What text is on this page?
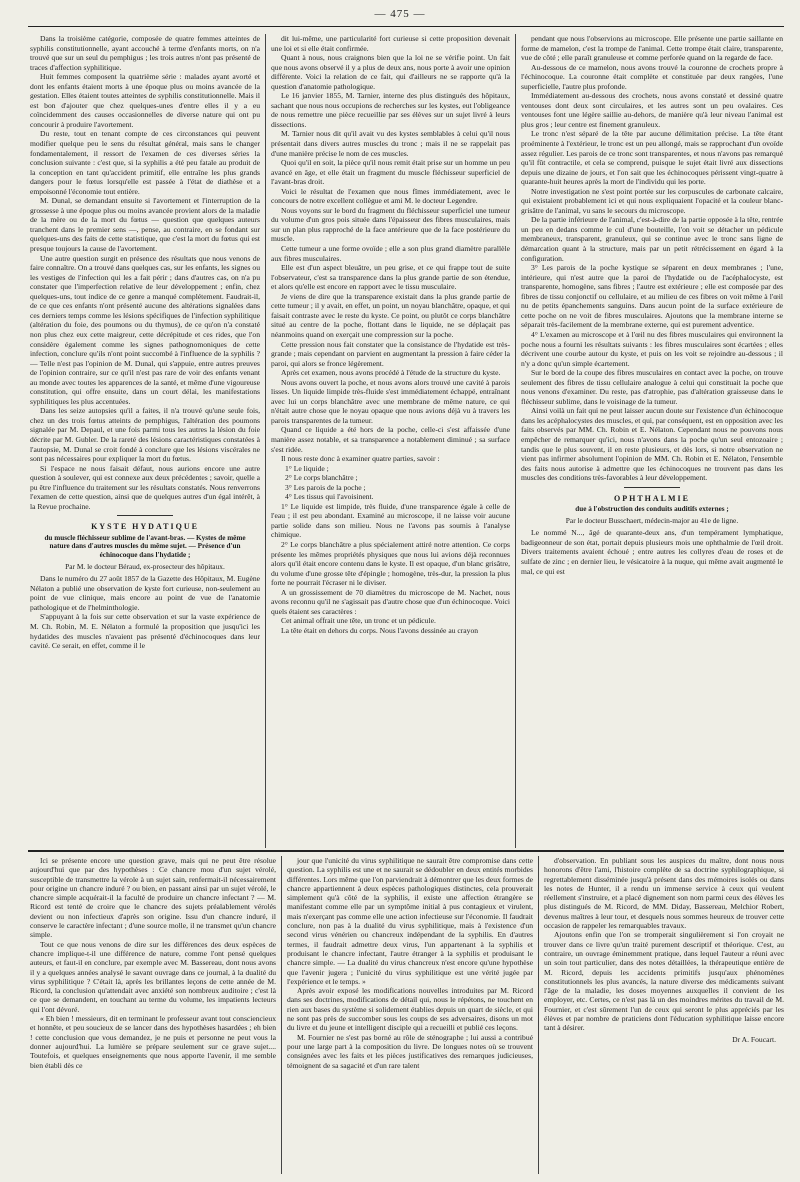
— 475 —

Dans la troisième catégorie, composée de quatre femmes atteintes de syphilis constitutionnelle, ayant accouché à terme d'enfants morts, on n'a trouvé que sur un seul du pemphigus ; les trois autres n'ont pas présenté de traces d'affection syphilitique.

Huit femmes composent la quatrième série : malades ayant avorté et dont les enfants étaient morts à une époque plus ou moins avancée de la gestation. Elles étaient toutes atteintes de syphilis constitutionnelle. Mais il est bon d'ajouter que chez quelques-unes d'entre elles il y a eu coïncidemment des causes occasionnelles de diverse nature qui ont pu concourir à produire l'avortement.

Du reste, tout en tenant compte de ces circonstances qui peuvent modifier quelque peu le sens du résultat général, mais sans le changer fondamentalement, il ressort de l'examen de ces diverses séries la conclusion suivante : c'est que, si la syphilis a été peu fatale au produit de la conception en tant qu'accident primitif, elle entraîne les plus grands dangers pour le fœtus lorsqu'elle est passée à l'état de diathèse et a empoisonné l'économie tout entière.

M. Dunal, se demandant ensuite si l'avortement et l'interruption de la grossesse à une époque plus ou moins avancée provient alors de la maladie de la mère ou de la mort du fœtus — question que quelques auteurs tranchent dans le premier sens —, pense, au contraire, en se fondant sur quelques-uns des faits de cette statistique, que c'est la mort du fœtus qui est presque toujours la cause de l'avortement.

Une autre question surgit en présence des résultats que nous venons de faire connaître. On a trouvé dans quelques cas, sur les enfants, les signes ou les vestiges de l'infection qui les a fait périr ; dans d'autres cas, on n'a pu constater que l'imperfection relative de leur développement ; enfin, chez quelques-uns, tout indice de ce genre a manqué complétement. Faudrait-il, de ce que ces enfants n'ont présenté aucune des altérations signalées dans ces derniers temps comme les lésions spécifiques de l'infection syphilitique (altération du foie, des poumons ou du thymus), de ce qu'on n'a constaté non plus chez eux cette maigreur, cette décrépitude et ces rides, que l'on considère également comme les signes pathognomoniques de cette infection, conclure qu'ils n'ont point succombé à l'influence de la syphilis ? — Telle n'est pas l'opinion de M. Dunal, qui s'appuie, entre autres preuves de l'opinion contraire, sur ce qu'il n'est pas rare de voir des enfants venant au monde avec toutes les apparences de la santé, et même d'une vigoureuse constitution, qui offre ensuite, dans un court délai, les manifestations syphilitiques les plus accentuées.

Dans les seize autopsies qu'il a faites, il n'a trouvé qu'une seule fois, chez un des trois fœtus atteints de pemphigus, l'altération des poumons signalée par M. Depaul, et une fois parmi tous les autres la lésion du foie décrite par M. Gubler. De la rareté des lésions caractéristiques constatées à l'autopsie, M. Dunal se croit fondé à conclure que les lésions viscérales ne sont pas nécessaires pour expliquer la mort du fœtus.

Si l'espace ne nous faisait défaut, nous aurions encore une autre question à soulever, qui est connexe aux deux précédentes ; savoir, quelle a pu être l'influence du traitement sur les résultats constatés. Nous renverrons l'examen de cette question, ainsi que de quelques autres d'un égal intérêt, à la Revue prochaine.

KYSTE HYDATIQUE
du muscle fléchisseur sublime de l'avant-bras. — Kystes de même nature dans d'autres muscles du même sujet. — Présence d'un échinocoque dans l'hydatide ;
Par M. le docteur Béraud, ex-prosecteur des hôpitaux.

Dans le numéro du 27 août 1857 de la Gazette des Hôpitaux, M. Eugène Nélaton a publié une observation de kyste fort curieuse, non-seulement au point de vue clinique, mais encore au point de vue de l'anatomie pathologique et de l'helminthologie.

S'appuyant à la fois sur cette observation et sur la vaste expérience de M. Ch. Robin, M. E. Nélaton a formulé la proposition que jusqu'ici les hydatides des muscles n'avaient pas présenté d'échinocoques dans leur cavité. Ce serait, en effet, comme il le

dit lui-même, une particularité fort curieuse si cette proposition devenait une loi et si elle était confirmée.

Quant à nous, nous craignons bien que la loi ne se vérifie point. Un fait que nous avons observé il y a plus de deux ans, nous porte à avoir une opinion différente. Voici la relation de ce fait, qui d'ailleurs ne se rapporte qu'à la question d'anatomie pathologique.

Le 16 janvier 1855, M. Tarnier, interne des plus distingués des hôpitaux, sachant que nous nous occupions de recherches sur les kystes, eut l'obligeance de nous remettre une pièce recueillie par ses élèves sur un sujet livré à leurs dissections.

M. Tarnier nous dit qu'il avait vu des kystes semblables à celui qu'il nous présentait dans divers autres muscles du tronc ; mais il ne se rappelait pas d'une manière précise le nom de ces muscles.

Quoi qu'il en soit, la pièce qu'il nous remit était prise sur un homme un peu avancé en âge, et elle était un fragment du muscle fléchisseur superficiel de l'avant-bras droit.

Voici le résultat de l'examen que nous fîmes immédiatement, avec le concours de notre excellent collègue et ami M. le docteur Legendre.

Nous voyons sur le bord du fragment du fléchisseur superficiel une tumeur du volume d'un gros pois située dans l'épaisseur des fibres musculaires, mais sur un plan plus rapproché de la face antérieure que de la face postérieure du muscle.

Cette tumeur a une forme ovoïde ; elle a son plus grand diamètre parallèle aux fibres musculaires.

Elle est d'un aspect bleuâtre, un peu grise, et ce qui frappe tout de suite l'observateur, c'est sa transparence dans la plus grande partie de son étendue, et alors qu'elle est encore en rapport avec le tissu musculaire.

Je viens de dire que la transparence existait dans la plus grande partie de cette tumeur ; il y avait, en effet, un point, un noyau blanchâtre, opaque, et qui faisait contraste avec le reste du kyste. Ce point, ou plutôt ce corps blanchâtre situé au centre de la poche, flottant dans le liquide, ne se déplaçait pas néanmoins quand on exerçait une compression sur la poche.

Cette pression nous fait constater que la consistance de l'hydatide est très-grande ; mais cependant on parvient en augmentant la pression à faire céder la paroi, qui alors se fronce légèrement.

Après cet examen, nous avons procédé à l'étude de la structure du kyste.

Nous avons ouvert la poche, et nous avons alors trouvé une cavité à parois lisses. Un liquide limpide très-fluide s'est immédiatement échappé, entraînant avec lui un corps blanchâtre avec une membrane de même nature, ce qui n'était autre chose que le noyau opaque que nous avions déjà vu à travers les parois transparentes de la tumeur.

Quand ce liquide a été hors de la poche, celle-ci s'est affaissée d'une manière assez notable, et sa transparence a notablement diminué ; sa surface s'est ridée.

Il nous reste donc à examiner quatre parties, savoir :

1° Le liquide ;

2° Le corps blanchâtre ;

3° Les parois de la poche ;

4° Les tissus qui l'avoisinent.

1° Le liquide est limpide, très fluide, d'une transparence égale à celle de l'eau ; il est peu abondant. Examiné au microscope, il ne laisse voir aucune partie solide dans son milieu. Nous ne l'avons pas soumis à l'analyse chimique.

2° Le corps blanchâtre a plus spécialement attiré notre attention. Ce corps présente les mêmes propriétés physiques que nous lui avions déjà reconnues alors qu'il était encore contenu dans le kyste. Il est opaque, d'un blanc grisâtre, du volume d'une grosse tête d'épingle ; homogène, très-dur, la pression la plus forte ne pourrait l'écraser ni le diviser.

A un grossissement de 70 diamètres du microscope de M. Nachet, nous avons reconnu qu'il ne s'agissait pas d'autre chose que d'un échinocoque. Voici quels étaient ses caractères :

Cet animal offrait une tête, un tronc et un pédicule.

La tête était en dehors du corps. Nous l'avons dessinée au crayon

pendant que nous l'observions au microscope. Elle présente une partie saillante en forme de mamelon, c'est la trompe de l'animal. Cette trompe était claire, transparente, vue de côté ; elle paraît granuleuse et comme perforée quand on la regarde de face.

Au-dessous de ce mamelon, nous avons trouvé la couronne de crochets propre à l'échinocoque. La couronne était complète et constituée par deux rangées, l'une superficielle, l'autre plus profonde.

Immédiatement au-dessous des crochets, nous avons constaté et dessiné quatre ventouses dont deux sont circulaires, et les autres sont un peu ovalaires. Ces ventouses font une légère saillie au-dehors, de manière qu'à leur niveau l'animal est plus gros ; leur centre est finement granuleux.

Le tronc n'est séparé de la tête par aucune délimitation précise. La tête étant proéminente à l'extérieur, le tronc est un peu allongé, mais se rapprochant d'un ovoïde assez régulier. Les parois de ce tronc sont transparentes, et nous n'avons pas remarqué qu'il fût contractile, et cela se comprend, puisque le sujet était livré aux dissections depuis une dizaine de jours, et l'on sait que les échinocoques périssent vingt-quatre à quarante-huit heures après la mort de l'individu qui les porte.

Notre investigation ne s'est point portée sur les corpuscules de carbonate calcaire, qui existaient probablement ici et qui nous expliquaient l'opacité et la couleur blanc-grisâtre de l'animal, vu sans le secours du microscope.

De la partie inférieure de l'animal, c'est-à-dire de la partie opposée à la tête, rentrée un peu en dedans comme le cul d'une bouteille, l'on voit se détacher un pédicule membraneux, transparent, granuleux, qui se continue avec le tronc sans ligne de démarcation quant à la structure, mais par un petit rétrécissement en égard à la configuration.

3° Les parois de la poche kystique se séparent en deux membranes ; l'une, intérieure, qui n'est autre que la paroi de l'hydatide ou de l'acéphalocyste, est transparente, homogène, sans fibres ; l'autre est extérieure ; elle est composée par des fibres de tissu conjonctif ou cellulaire, et au milieu de ces fibres on voit même à l'œil nu de petits épanchements sanguins. Dans aucun point de la surface extérieure de cette poche on ne voit de fibres musculaires. Ajoutons que la membrane interne se séparait très-facilement de la membrane externe, qui est purement adventice.

4° L'examen au microscope et à l'œil nu des fibres musculaires qui environnent la poche nous a fourni les résultats suivants : les fibres musculaires sont écartées ; elles décrivent une courbe autour du kyste, et puis on les voit se rejoindre au-dessous ; il n'y a donc qu'un simple écartement.

Sur le bord de la coupe des fibres musculaires en contact avec la poche, on trouve seulement des fibres de tissu cellulaire analogue à celui qui constituait la poche que nous venons d'examiner. Du reste, pas d'atrophie, pas d'altération graisseuse dans le fléchisseur sublime, dans le voisinage de la tumeur.

Ainsi voilà un fait qui ne peut laisser aucun doute sur l'existence d'un échinocoque dans les acéphalocystes des muscles, et qui, par conséquent, est en opposition avec les faits observés par MM. Ch. Robin et E. Nélaton. Cependant nous ne pouvons nous empêcher de remarquer qu'ici, nous n'avons dans la poche qu'un seul entozoaire ; tandis que le plus souvent, il en reste plusieurs, et dès lors, si notre observation ne vient pas infirmer absolument l'opinion de MM. Ch. Robin et E. Nélaton, l'ensemble des faits nous autorise à admettre que les échinocoques ne trouvent pas dans les muscles des conditions très-favorables à leur développement.

OPHTHALMIE
due à l'obstruction des conduits auditifs externes ;
Par le docteur Busschaert, médecin-major au 41e de ligne.

Le nommé N..., âgé de quarante-deux ans, d'un tempérament lymphatique, badigeonneur de son état, portait depuis plusieurs mois une ophthalmie de l'œil droit. Divers traitements avaient échoué ; entre autres les collyres d'eau de roses et de sulfate de zinc ; en dernier lieu, le vésicatoire à la nuque, qui même avait augmenté le mal, ce qui est

Ici se présente encore une question grave, mais qui ne peut être résolue aujourd'hui que par des hypothèses : Ce chancre mou d'un sujet vérolé, susceptible de transmettre la vérole à un sujet sain, renfermait-il nécessairement pour origine un chancre induré ? ou bien, en passant ainsi par un sujet vérolé, le chancre simple acquérait-il la faculté de produire un chancre infectant ? — M. Ricord est tenté de croire que le chancre des sujets préalablement vérolés devient ou non infectieux d'après son origine. Issu d'un chancre induré, il conserve le caractère infectant ; d'une source molle, il ne transmet qu'un chancre simple.

Tout ce que nous venons de dire sur les différences des deux espèces de chancre implique-t-il une différence de nature, comme l'ont pensé quelques auteurs, et faut-il en conclure, par exemple avec M. Bassereau, dont nous avons il y a quelques années analysé le savant ouvrage dans ce journal, à la dualité du virus syphilitique ? C'était là, après les brillantes leçons de cette année de M. Ricord, la conclusion qu'attendait avec anxiété son nombreux auditoire ; c'est là ce que se demandent, en touchant au terme du volume, les impatients lecteurs qui l'ont dévoré.

« Eh bien ! messieurs, dit en terminant le professeur avant tout consciencieux et honnête, et peu soucieux de se lancer dans des hypothèses hasardées ; eh bien ! cette conclusion que vous demandez, je ne puis et personne ne peut vous la donner aujourd'hui. La lumière se prépare seulement sur ce grave sujet.... Toutefois, et quelques enseignements que nous apporte l'avenir, il me semble bien établi dès ce

jour que l'unicité du virus syphilitique ne saurait être compromise dans cette question. La syphilis est une et ne saurait se dédoubler en deux entités morbides différentes. Lors même que l'on parviendrait à démontrer que les deux formes de chancre appartiennent à deux espèces pathologiques distinctes, cela prouverait simplement qu'à côté de la syphilis, il existe une affection étrangère se manifestant comme elle par un symptôme initial à pus contagieux et virulent, mais n'exerçant pas comme elle une action infectieuse sur l'économie. Il faudrait conclure, non pas à la dualité du virus syphilitique, mais à l'existence d'un second virus vénérien ou chancreux indépendant de la syphilis. En d'autres termes, il faudrait admettre deux virus, l'un appartenant à la syphilis et produisant le chancre infectant, l'autre étranger à la syphilis et produisant le chancre simple. — La dualité du virus chancreux n'est encore qu'une hypothèse que l'avenir jugera ; l'unicité du virus syphilitique est une vérité jugée par l'expérience et le temps. »

Après avoir exposé les modifications nouvelles introduites par M. Ricord dans ses doctrines, modifications de détail qui, nous le répétons, ne touchent en rien aux bases du système si solidement établies depuis un quart de siècle, et qui ne sont pas près de succomber sous les coups de ses adversaires, disons un mot du livre et du jeune et intelligent disciple qui a recueilli et publié ces leçons.

M. Fournier ne s'est pas borné au rôle de sténographe ; lui aussi a contribué pour une large part à la composition du livre. De longues notes où se trouvent consignées avec les faits et les pièces justificatives des remarques judicieuses, témoignent de sa sagacité et d'un rare talent

d'observation. En publiant sous les auspices du maître, dont nous nous honorons d'être l'ami, l'histoire complète de sa doctrine syphilographique, si regrettablement disséminée jusqu'à présent dans des mémoires isolés ou dans les notes de Hunter, il a rendu un immense service à ceux qui veulent réellement s'instruire, et a placé dignement son nom parmi ceux des élèves les plus distingués de M. Ricord, de MM. Diday, Bassereau, Melchior Robert, devenus maîtres à leur tour, et desquels nous sommes heureux de trouver cette occasion de rappeler les remarquables travaux.

Ajoutons enfin que l'on se tromperait singulièrement si l'on croyait ne trouver dans ce livre qu'un traité purement descriptif et théorique. C'est, au contraire, un ouvrage éminemment pratique, dans lequel l'auteur a réuni avec un soin tout particulier, dans des notes détaillées, la thérapeutique entière de M. Ricord, depuis les accidents primitifs jusqu'aux phénomènes constitutionnels les plus avancés, la nature diverse des médicaments suivant l'âge de la maladie, les doses moyennes auxquelles il convient de les employer, etc. Certes, ce n'est pas là un des moindres mérites du travail de M. Fournier, et c'est sûrement l'un de ceux qui seront le plus appréciés par les élèves et par nombre de praticiens dont l'éducation syphilitique laisse encore tant à désirer.

Dr A. Foucart.
